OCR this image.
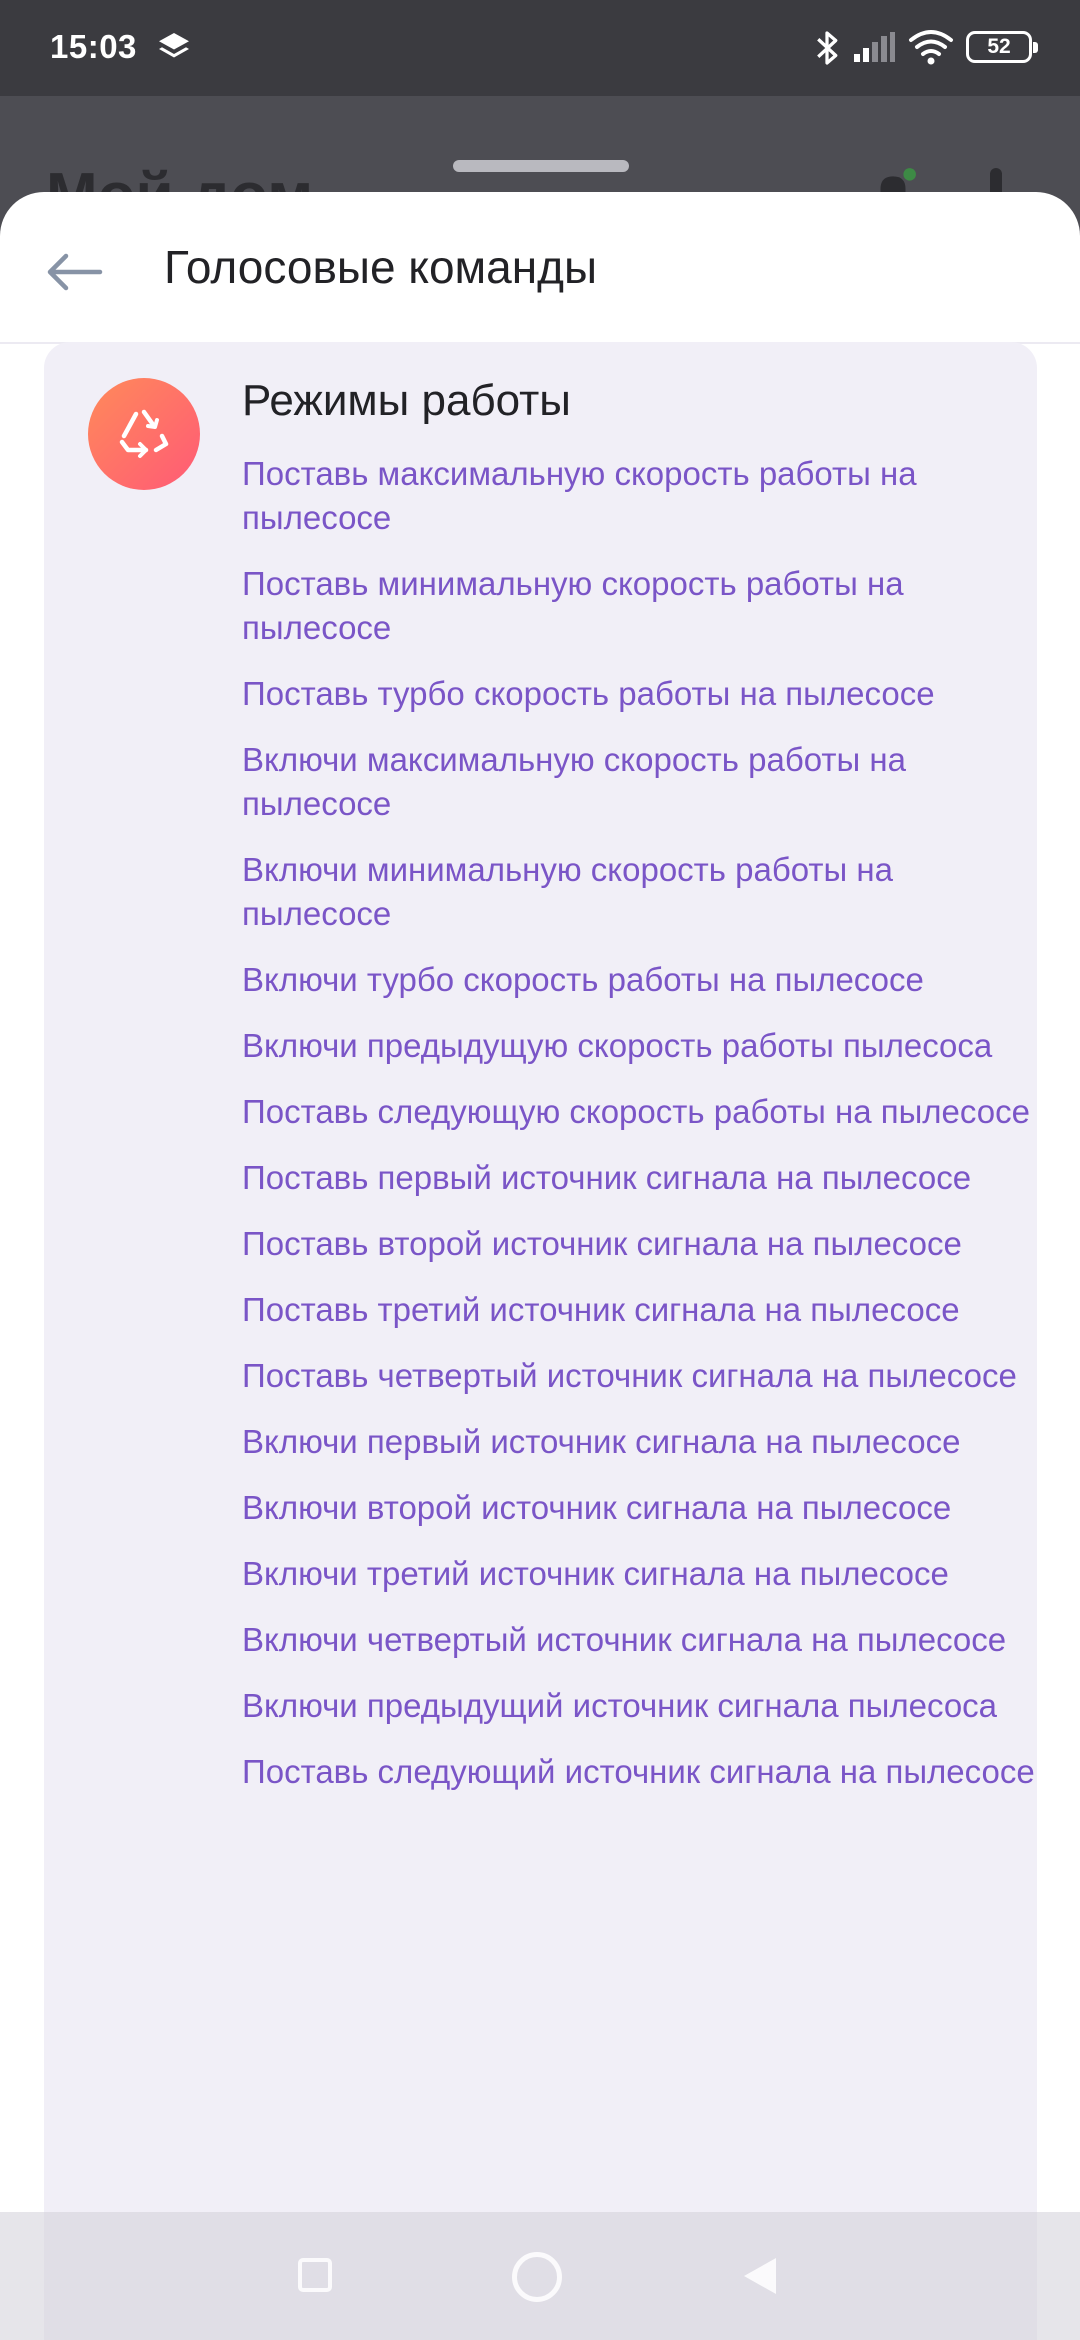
15:03	52
Голосовые команды
Режимы работы
Поставь максимальную скорость работы на пылесосе
Поставь минимальную скорость работы на пылесосе
Поставь турбо скорость работы на пылесосе
Включи максимальную скорость работы на пылесосе
Включи минимальную скорость работы на пылесосе
Включи турбо скорость работы на пылесосе
Включи предыдущую скорость работы пылесоса
Поставь следующую скорость работы на пылесосе
Поставь первый источник сигнала на пылесосе
Поставь второй источник сигнала на пылесосе
Поставь третий источник сигнала на пылесосе
Поставь четвертый источник сигнала на пылесосе
Включи первый источник сигнала на пылесосе
Включи второй источник сигнала на пылесосе
Включи третий источник сигнала на пылесосе
Включи четвертый источник сигнала на пылесосе
Включи предыдущий источник сигнала пылесоса
Поставь следующий источник сигнала на пылесосе
